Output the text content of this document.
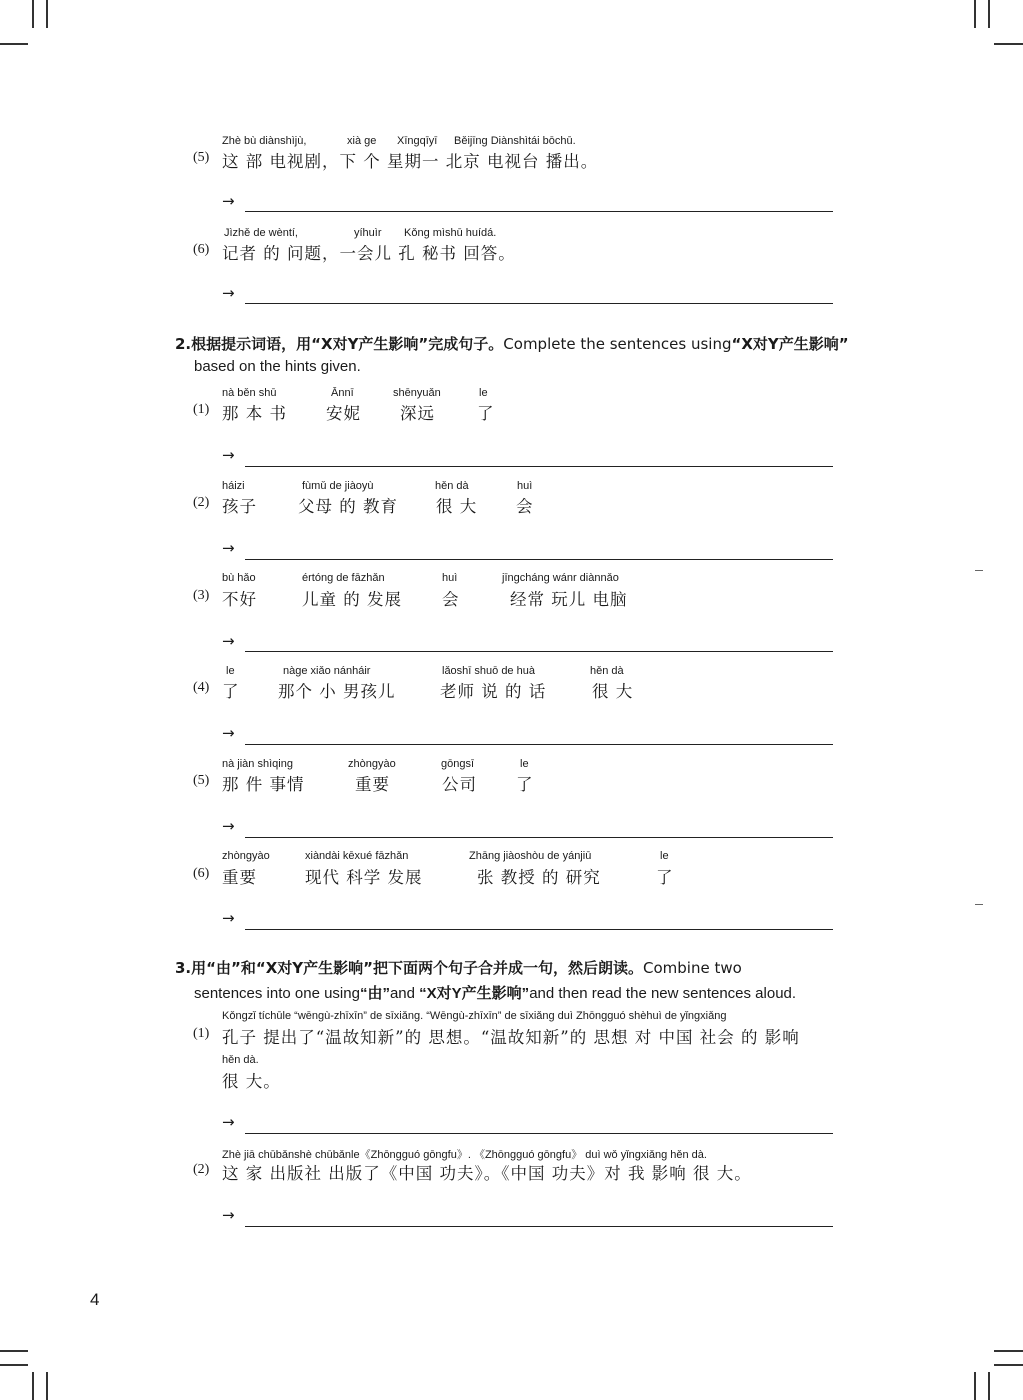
Zhè bù diànshìjù,	xià ge Xīngqīyī Běijīng Diànshìtái bōchū.
(5) 这 部 电视剧，下 个 星期一 北京 电视台 播出。
→
Jìzhě de wèntí,	yíhuìr Kǒng mìshū huídá.
(6) 记者 的 问题，一会儿 孔 秘书 回答。
→
2.根据提示词语，用“X对Y产生影响”完成句子。Complete the sentences using“X对Y产生影响”
based on the hints given.
nà běn shū	Ānnī	shēnyuǎn	le
(1) 那 本 书 安妮 深远	了
→
háizi	fùmǔ de jiàoyù	hěn dà	huì
(2) 孩子 父母 的 教育 很 大 会
→
bù hǎo	értóng de fāzhǎn	huì	jīngcháng wánr diànnǎo
(3) 不好	儿童 的 发展 会	经常 玩儿 电脑
→
le	nàge xiǎo nánháir	lǎoshī shuō de huà	hěn dà
(4) 了 那个 小 男孩儿	老师 说 的 话	很 大
→
nà jiàn shìqing	zhòngyào	gōngsī	le
(5) 那 件 事情	重要	公司 了
→
zhòngyào	xiàndài kēxué fāzhǎn	Zhāng jiàoshòu de yánjiū	le
(6) 重要	现代 科学 发展	张 教授 的 研究	了
→
3.用“由”和“X对Y产生影响”把下面两个句子合并成一句，然后朗读。Combine two
sentences into one using“由”and “X对Y产生影响”and then read the new sentences aloud.
Kǒngzǐ tíchūle “wēngù-zhīxīn” de sīxiǎng. “Wēngù-zhīxīn” de sīxiǎng duì Zhōngguó shèhuì de yǐngxiǎng
(1) 孔子 提出了“温故知新”的 思想。“温故知新”的 思想 对 中国 社会 的 影响
hěn dà.
很 大。
→
Zhè jiā chūbǎnshè chūbǎnle《Zhōngguó gōngfu》. 《Zhōngguó gōngfu》 duì wǒ yǐngxiǎng hěn dà.
(2) 这 家 出版社 出版了《中国 功夫》。《中国 功夫》对 我 影响 很 大。
→
4
